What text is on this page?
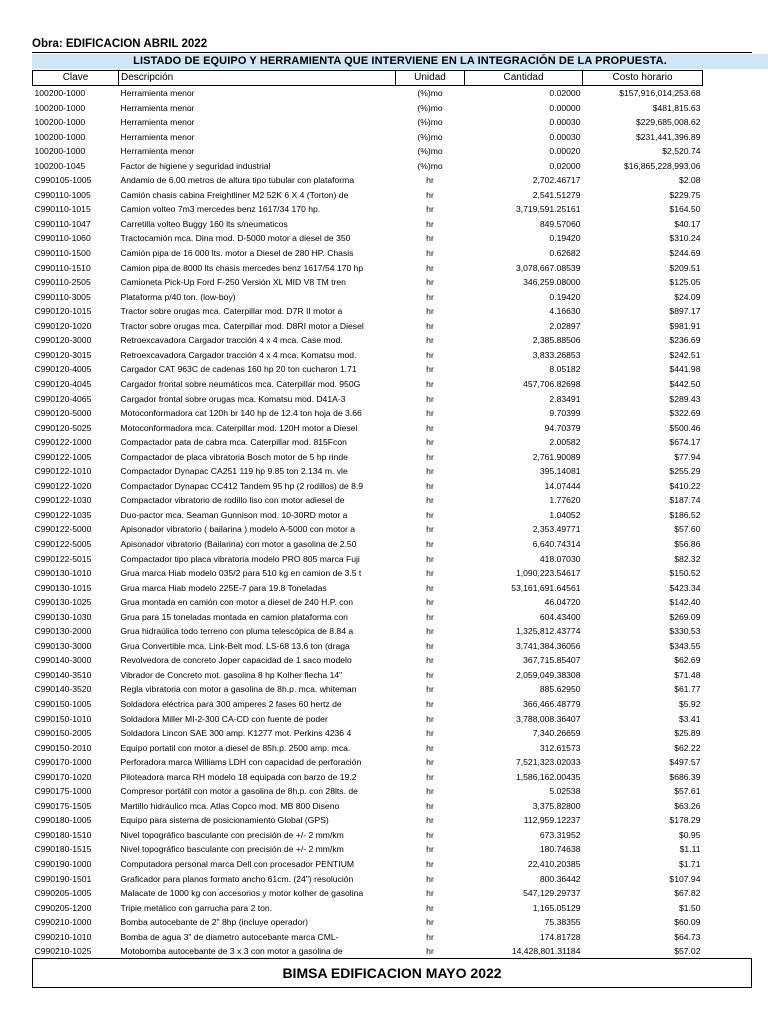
Obra: EDIFICACION ABRIL 2022
LISTADO DE EQUIPO Y HERRAMIENTA QUE INTERVIENE EN LA INTEGRACIÓN DE LA PROPUESTA.
Clave	Descripción	Unidad	Cantidad	Costo horario
100200-1000	Herramienta menor	(%)mo	0.02000	$157,916,014,253.68
100200-1000	Herramienta menor	(%)mo	0.00000	$481,815.63
100200-1000	Herramienta menor	(%)mo	0.00030	$229,685,008.62
100200-1000	Herramienta menor	(%)mo	0.00030	$231,441,396.89
100200-1000	Herramienta menor	(%)mo	0.00020	$2,520.74
100200-1045	Factor de higiene y seguridad industrial	(%)mo	0.02000	$16,865,228,993.06
C990105-1005	Andamio de 6.00 metros de altura tipo tubular con plataforma	hr	2,702.46717	$2.08
C990110-1005	Camión chasis cabina Freightliner M2 52K 6 X 4 (Torton) de	hr	2,541.51279	$229.75
C990110-1015	Camion volteo 7m3 mercedes benz 1617/34 170 hp.	hr	3,719,591.25161	$164.50
C990110-1047	Carretilla volteo Buggy 160 lts s/neumaticos	hr	849.57060	$40.17
C990110-1060	Tractocamión mca. Dina mod. D-5000 motor a diesel de 350	hr	0.19420	$310.24
C990110-1500	Camión pipa de 16 000 lts. motor a Diesel de 280 HP. Chasis	hr	0.62682	$244.69
C990110-1510	Camion pipa de 8000 lts chasis mercedes benz 1617/54 170 hp	hr	3,078,667.08539	$209.51
C990110-2505	Camioneta Pick-Up Ford F-250 Versión XL MID V8 TM tren	hr	346,259.08000	$125.05
C990110-3005	Plataforma p/40 ton. (low-boy)	hr	0.19420	$24.09
C990120-1015	Tractor sobre orugas mca. Caterpillar mod. D7R II motor a	hr	4.16630	$897.17
C990120-1020	Tractor sobre orugas mca. Caterpillar mod. D8RI motor a Diesel	hr	2.02897	$981.91
C990120-3000	Retroexcavadora Cargador tracción 4 x 4 mca. Case mod.	hr	2,385.88506	$236.69
C990120-3015	Retroexcavadora Cargador tracción 4 x 4 mca. Komatsu mod.	hr	3,833.26853	$242.51
C990120-4005	Cargador CAT 963C de cadenas 160 hp 20 ton cucharon 1.71	hr	8.05182	$441.98
C990120-4045	Cargador frontal sobre neumáticos mca. Caterpillar mod. 950G	hr	457,706.82698	$442.50
C990120-4065	Cargador frontal sobre orugas mca. Komatsu mod. D41A-3	hr	2.83491	$289.43
C990120-5000	Motoconformadora cat 120h br 140 hp de 12.4 ton hoja de 3.66	hr	9.70399	$322.69
C990120-5025	Motoconformadora mca. Caterpillar mod. 120H motor a Diesel	hr	94.70379	$500.46
C990122-1000	Compactador pata de cabra mca. Caterpillar mod. 815Fcon	hr	2.00582	$674.17
C990122-1005	Compactador de placa vibratoria Bosch motor de 5 hp rinde	hr	2,761.90089	$77.94
C990122-1010	Compactador Dynapac CA251 119 hp 9.85 ton 2.134 m. vle	hr	395.14081	$255.29
C990122-1020	Compactador Dynapac CC412 Tandem 95 hp (2 rodillos) de 8.9	hr	14.07444	$410.22
C990122-1030	Compactador vibratorio de rodillo liso con motor adiesel de	hr	1.77620	$187.74
C990122-1035	Duo-pactor mca. Seaman Gunnison mod. 10-30RD motor a	hr	1.04052	$186.52
C990122-5000	Apisonador vibratorio ( bailarina ) modelo A-5000 con motor a	hr	2,353.49771	$57.60
C990122-5005	Apisonador vibratorio (Bailarina) con motor a gasolina de 2.50	hr	6,640.74314	$56.86
C990122-5015	Compactador tipo placa vibratoria modelo PRO 805 marca Fuji	hr	418.07030	$82.32
C990130-1010	Grua marca Hiab modelo 035/2 para 510 kg en camion de 3.5 t	hr	1,090,223.54617	$150.52
C990130-1015	Grua marca Hiab modelo 225E-7 para 19.8 Toneladas	hr	53,161,691.64561	$423.34
C990130-1025	Grua montada en camión con motor a diesel de 240 H.P. con	hr	46.04720	$142.40
C990130-1030	Grua para 15 toneladas montada en camion plataforma con	hr	604.43400	$269.09
C990130-2000	Grua hidraúlica todo terreno con pluma telescópica de 8.84 a	hr	1,325,812.43774	$330.53
C990130-3000	Grua Convertible mca. Link-Belt mod. LS-68 13.6 ton (draga	hr	3,741,384.36056	$343.55
C990140-3000	Revolvedora de concreto Joper capacidad de 1 saco modelo	hr	367,715.85407	$62.69
C990140-3510	Vibrador de Concreto mot. gasolina 8 hp Kolher flecha 14"	hr	2,059,049.38308	$71.48
C990140-3520	Regla vibratoria con motor a gasolina de 8h.p. mca. whiteman	hr	885.62950	$61.77
C990150-1005	Soldadora eléctrica para 300 amperes 2 fases 60 hertz de	hr	366,466.48779	$5.92
C990150-1010	Soldadora Miller MI-2-300 CA-CD con fuente de poder	hr	3,788,008.36407	$3.41
C990150-2005	Soldadora Lincon SAE 300 amp. K1277 mot. Perkins 4236 4	hr	7,340.26659	$25.89
C990150-2010	Equipo portatil con motor a diesel de 85h.p. 2500 amp. mca.	hr	312.61573	$62.22
C990170-1000	Perforadora marca Williams LDH con capacidad de perforación	hr	7,521,323.02033	$497.57
C990170-1020	Piloteadora marca RH modelo 18 equipada con barzo de 19.2	hr	1,586,162.00435	$686.39
C990175-1000	Compresor portátil con motor a gasolina de 8h.p. con 28lts. de	hr	5.02538	$57.61
C990175-1505	Martillo hidráulico mca. Atlas Copco mod. MB 800 Diseno	hr	3,375.82800	$63.26
C990180-1005	Equipo para sistema de posicionamiento Global (GPS)	hr	112,959.12237	$178.29
C990180-1510	Nivel topográfico basculante con precisión de +/- 2 mm/km	hr	673.31952	$0.95
C990180-1515	Nivel topográfico basculante con precisión de +/- 2 mm/km	hr	180.74638	$1.11
C990190-1000	Computadora personal marca Dell con procesador PENTIUM	hr	22,410.20385	$1.71
C990190-1501	Graficador para planos formato ancho 61cm. (24") resolución	hr	800.36442	$107.94
C990205-1005	Malacate de 1000 kg con accesorios y motor kolher de gasolina	hr	547,129.29737	$67.82
C990205-1200	Tripie metálico con garrucha para 2 ton.	hr	1,165.05129	$1.50
C990210-1000	Bomba autocebante de 2" 8hp (incluye operador)	hr	75.38355	$60.09
C990210-1010	Bomba de agua 3" de diametro autocebante marca CML-	hr	174.81728	$64.73
C990210-1025	Motobomba autocebante de 3 x 3 con motor a gasolina de	hr	14,428,801.31184	$57.02
BIMSA EDIFICACION MAYO 2022
